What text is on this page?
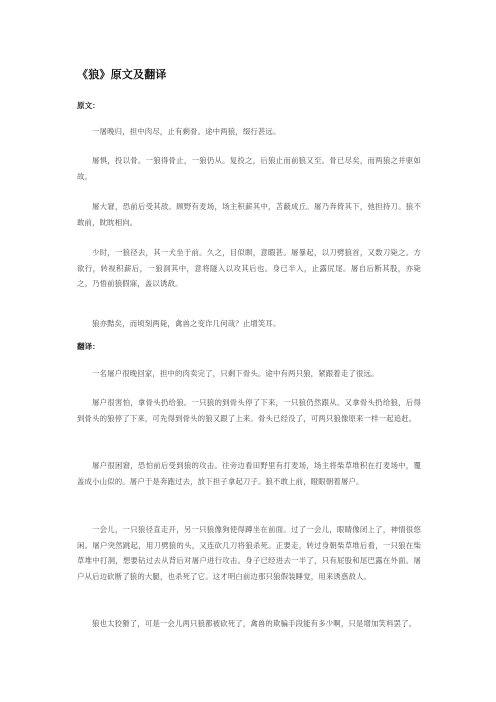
《狼》原文及翻译

原文：

一屠晚归，担中肉尽，止有剩骨。途中两狼，缀行甚远。

屠惧，投以骨。一狼得骨止，一狼仍从。复投之，后狼止而前狼又至。骨已尽矣，而两狼之并驱如故。

屠大窘，恐前后受其敌。顾野有麦场，场主积薪其中，苫蔽成丘。屠乃奔倚其下，弛担持刀。狼不敢前，眈眈相向。

少时，一狼径去，其一犬坐于前。久之，目似瞑，意暇甚。屠暴起，以刀劈狼首，又数刀毙之。方欲行，转视积薪后，一狼洞其中，意将隧入以攻其后也。身已半入，止露尻尾。屠自后断其股，亦毙之。乃悟前狼假寐，盖以诱敌。

狼亦黠矣，而顷刻两毙，禽兽之变诈几何哉？止增笑耳。

翻译：

一名屠户很晚回家，担中的肉卖完了，只剩下骨头。途中有两只狼，紧跟着走了很远。

屠户很害怕，拿骨头扔给狼。一只狼的到骨头停了下来，一只狼仍然跟从。又拿骨头扔给狼，后得到骨头的狼停了下来，可先得到骨头的狼又跟了上来。骨头已经没了，可两只狼像原来一样一起追赶。

屠户很困窘，恐怕前后受到狼的攻击。往旁边看田野里有打麦场，场主将柴草堆积在打麦场中，覆盖成小山似的。屠户于是奔跑过去，放下担子拿起刀子。狼不敢上前，瞪眼朝着屠户。

一会儿，一只狼径直走开，另一只狼像狗使得蹲坐在前面。过了一会儿，眼睛像闭上了，神情很悠闲。屠户突然跳起，用刀劈狼的头，又连砍几刀将狼杀死。正要走，转过身朝柴草堆后看，一只狼在柴草堆中打洞，想要钻过去从背后对屠户进行攻击。身子已经进去一半了，只有屁股和尾巴露在外面。屠户从后边砍断了狼的大腿，也杀死了它。这才明白前边那只狼假装睡觉，用来诱惑敌人。

狼也太狡猾了，可是一会儿两只狼都被砍死了，禽兽的欺骗手段能有多少啊，只是增加笑料罢了。
